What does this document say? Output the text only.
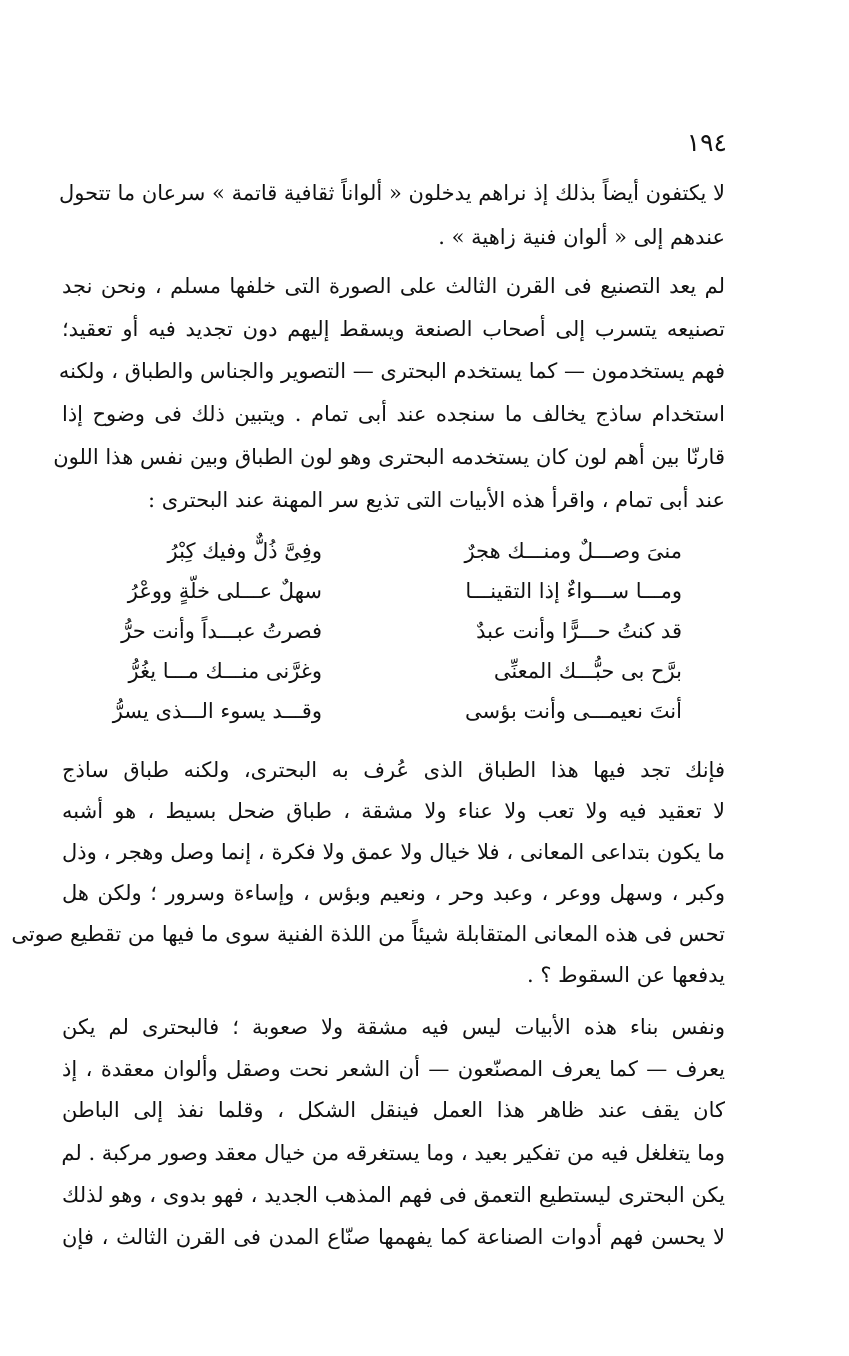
١٩٤
لا يكتفون أيضاً بذلك إذ نراهم يدخلون « ألواناً ثقافية قاتمة » سرعان ما تتحول
عندهم إلى « ألوان فنية زاهية » .
لم يعد التصنيع فى القرن الثالث على الصورة التى خلفها مسلم ، ونحن نجد
تصنيعه يتسرب إلى أصحاب الصنعة ويسقط إليهم دون تجديد فيه أو تعقيد؛
فهم يستخدمون — كما يستخدم البحترى — التصوير والجناس والطباق ، ولكنه
استخدام ساذج يخالف ما سنجده عند أبى تمام . ويتبين ذلك فى وضوح إذا
قارنّا بين أهم لون كان يستخدمه البحترى وهو لون الطباق وبين نفس هذا اللون
عند أبى تمام ، واقرأ هذه الأبيات التى تذيع سر المهنة عند البحترى :
منىَ وصـــلٌ ومنـــك هجرٌ
وفِىَّ ذُلٌّ وفيك كِبْرُ
ومـــا ســـواءٌ إذا التقينـــا
سهلٌ عـــلى خلّةٍ ووعْرُ
قد كنتُ حـــرًّا وأنت عبدٌ
فصرتُ عبـــداً وأنت حرُّ
برَّح بى حبُّـــك المعنِّى
وغرَّنى منـــك مـــا يغُرُّ
أنتَ نعيمـــى وأنت بؤسى
وقـــد يسوء الـــذى يسرُّ
فإنك تجد فيها هذا الطباق الذى عُرف به البحترى، ولكنه طباق ساذج
لا تعقيد فيه ولا تعب ولا عناء ولا مشقة ، طباق ضحل بسيط ، هو أشبه
ما يكون بتداعى المعانى ، فلا خيال ولا عمق ولا فكرة ، إنما وصل وهجر ، وذل
وكبر ، وسهل ووعر ، وعبد وحر ، ونعيم وبؤس ، وإساءة وسرور ؛ ولكن هل
تحس فى هذه المعانى المتقابلة شيئاً من اللذة الفنية سوى ما فيها من تقطيع صوتى
يدفعها عن السقوط ؟ .
ونفس بناء هذه الأبيات ليس فيه مشقة ولا صعوبة ؛ فالبحترى لم يكن
يعرف — كما يعرف المصنّعون — أن الشعر نحت وصقل وألوان معقدة ، إذ
كان يقف عند ظاهر هذا العمل فينقل الشكل ، وقلما نفذ إلى الباطن
وما يتغلغل فيه من تفكير بعيد ، وما يستغرقه من خيال معقد وصور مركبة . لم
يكن البحترى ليستطيع التعمق فى فهم المذهب الجديد ، فهو بدوى ، وهو لذلك
لا يحسن فهم أدوات الصناعة كما يفهمها صنّاع المدن فى القرن الثالث ، فإن
